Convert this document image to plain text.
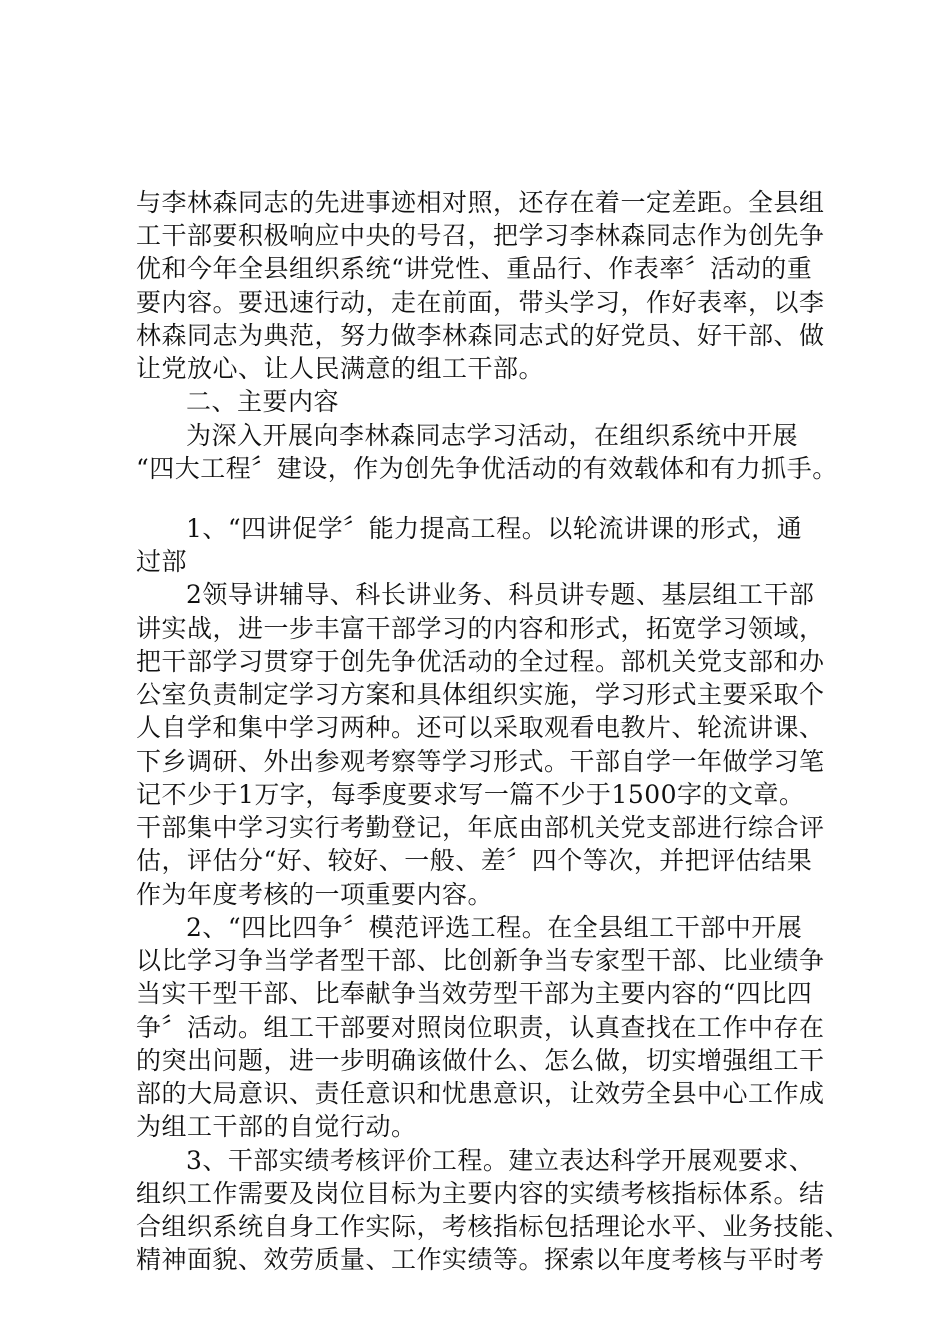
与李林森同志的先进事迹相对照，还存在着一定差距。全县组
工干部要积极响应中央的号召，把学习李林森同志作为创先争
优和今年全县组织系统“讲党性、重品行、作表率〞活动的重
要内容。要迅速行动，走在前面，带头学习，作好表率，以李
林森同志为典范，努力做李林森同志式的好党员、好干部、做
让党放心、让人民满意的组工干部。
二、主要内容
为深入开展向李林森同志学习活动，在组织系统中开展
“四大工程〞建设，作为创先争优活动的有效载体和有力抓手。
1、“四讲促学〞能力提高工程。以轮流讲课的形式，通
过部
2领导讲辅导、科长讲业务、科员讲专题、基层组工干部
讲实战，进一步丰富干部学习的内容和形式，拓宽学习领域，
把干部学习贯穿于创先争优活动的全过程。部机关党支部和办
公室负责制定学习方案和具体组织实施，学习形式主要采取个
人自学和集中学习两种。还可以采取观看电教片、轮流讲课、
下乡调研、外出参观考察等学习形式。干部自学一年做学习笔
记不少于1万字，每季度要求写一篇不少于1500字的文章。
干部集中学习实行考勤登记，年底由部机关党支部进行综合评
估，评估分“好、较好、一般、差〞四个等次，并把评估结果
作为年度考核的一项重要内容。
2、“四比四争〞模范评选工程。在全县组工干部中开展
以比学习争当学者型干部、比创新争当专家型干部、比业绩争
当实干型干部、比奉献争当效劳型干部为主要内容的“四比四
争〞活动。组工干部要对照岗位职责，认真查找在工作中存在
的突出问题，进一步明确该做什么、怎么做，切实增强组工干
部的大局意识、责任意识和忧患意识，让效劳全县中心工作成
为组工干部的自觉行动。
3、干部实绩考核评价工程。建立表达科学开展观要求、
组织工作需要及岗位目标为主要内容的实绩考核指标体系。结
合组织系统自身工作实际，考核指标包括理论水平、业务技能、
精神面貌、效劳质量、工作实绩等。探索以年度考核与平时考
